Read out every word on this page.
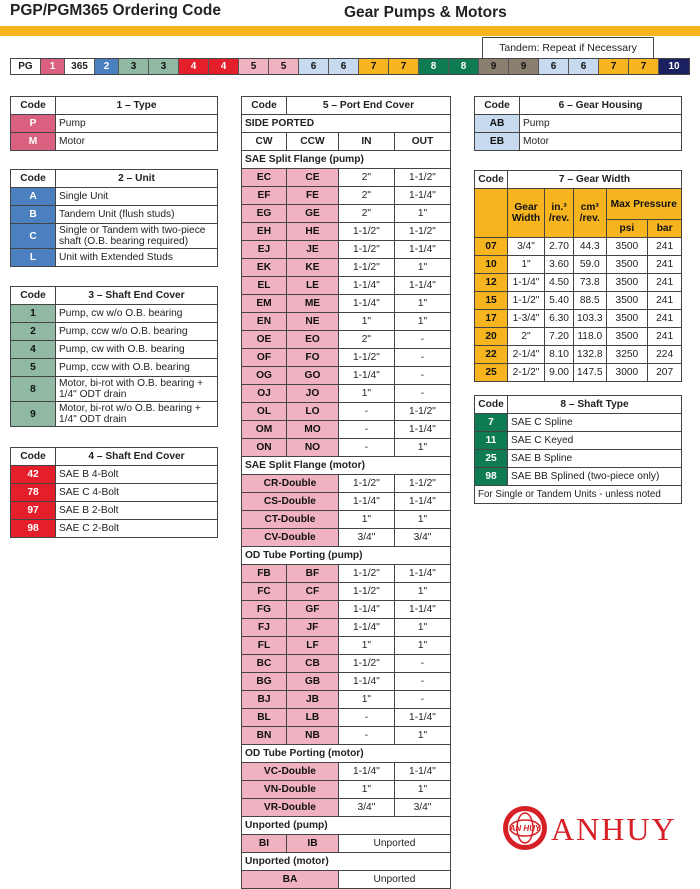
PGP/PGM365 Ordering Code	Gear Pumps & Motors
Tandem: Repeat if Necessary
PG	1	365	2	3	3	4	4	5	5	6	6	7	7	8	8	9	9	6	6	7	7	10
Code	1 – Type
P	Pump
M	Motor
Code	2 – Unit
A	Single Unit
B	Tandem Unit (flush studs)
C	Single or Tandem with two-piece shaft (O.B. bearing required)
L	Unit with Extended Studs
Code	3 – Shaft End Cover
1	Pump, cw w/o O.B. bearing
2	Pump, ccw w/o O.B. bearing
4	Pump, cw with O.B. bearing
5	Pump, ccw with O.B. bearing
8	Motor, bi-rot with O.B. bearing + 1/4" ODT drain
9	Motor, bi-rot w/o O.B. bearing + 1/4" ODT drain
Code	4 – Shaft End Cover
42	SAE B 4-Bolt
78	SAE C 4-Bolt
97	SAE B 2-Bolt
98	SAE C 2-Bolt
Code	5 – Port End Cover		
SIDE PORTED			
CW	CCW	IN	OUT
SAE Split Flange (pump)			
EC	CE	2"	1-1/2"
EF	FE	2"	1-1/4"
EG	GE	2"	1"
EH	HE	1-1/2"	1-1/2"
EJ	JE	1-1/2"	1-1/4"
EK	KE	1-1/2"	1"
EL	LE	1-1/4"	1-1/4"
EM	ME	1-1/4"	1"
EN	NE	1"	1"
OE	EO	2"	-
OF	FO	1-1/2"	-
OG	GO	1-1/4"	-
OJ	JO	1"	-
OL	LO	-	1-1/2"
OM	MO	-	1-1/4"
ON	NO	-	1"
SAE Split Flange (motor)			
CR-Double		1-1/2"	1-1/2"
CS-Double		1-1/4"	1-1/4"
CT-Double		1"	1"
CV-Double		3/4"	3/4"
OD Tube Porting (pump)			
FB	BF	1-1/2"	1-1/4"
FC	CF	1-1/2"	1"
FG	GF	1-1/4"	1-1/4"
FJ	JF	1-1/4"	1"
FL	LF	1"	1"
BC	CB	1-1/2"	-
BG	GB	1-1/4"	-
BJ	JB	1"	-
BL	LB	-	1-1/4"
BN	NB	-	1"
OD Tube Porting (motor)			
VC-Double		1-1/4"	1-1/4"
VN-Double		1"	1"
VR-Double		3/4"	3/4"
Unported (pump)			
BI	IB	Unported	
Unported (motor)			
BA		Unported	
Code	6 – Gear Housing
AB	Pump
EB	Motor
Code	7 – Gear Width				
	Gear Width	in.³ /rev.	cm³ /rev.	Max Pressure	
				psi	bar
07	3/4"	2.70	44.3	3500	241
10	1"	3.60	59.0	3500	241
12	1-1/4"	4.50	73.8	3500	241
15	1-1/2"	5.40	88.5	3500	241
17	1-3/4"	6.30	103.3	3500	241
20	2"	7.20	118.0	3500	241
22	2-1/4"	8.10	132.8	3250	224
25	2-1/2"	9.00	147.5	3000	207
Code	8 – Shaft Type
7	SAE C Spline
11	SAE C Keyed
25	SAE B Spline
98	SAE BB Splined (two-piece only)
For Single or Tandem Units - unless noted	
AN HUY ANHUY
